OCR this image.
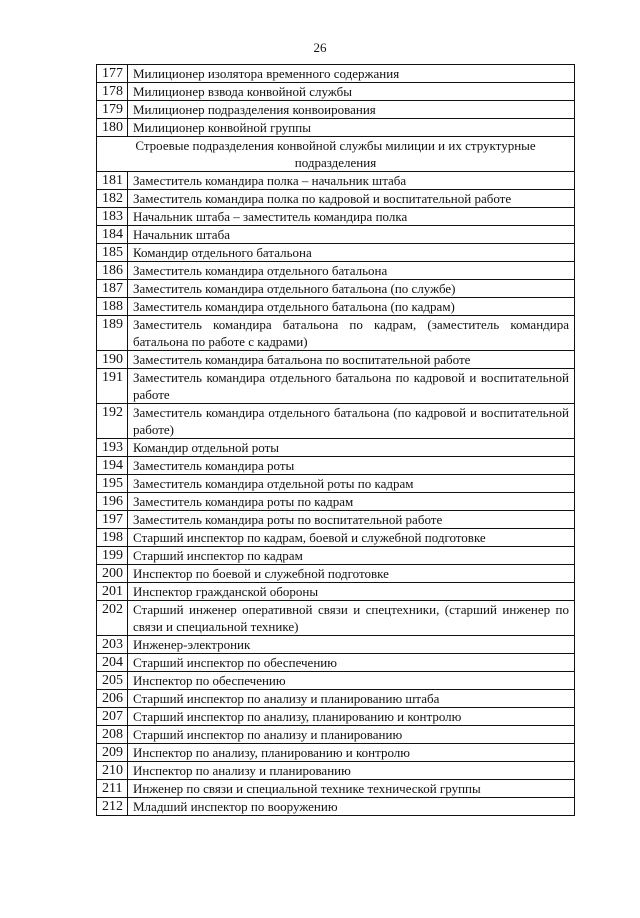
26
177	Милиционер изолятора временного содержания
178	Милиционер взвода конвойной службы
179	Милиционер подразделения конвоирования
180	Милиционер конвойной группы
Строевые подразделения конвойной службы милиции и их структурные подразделения	
181	Заместитель командира полка – начальник штаба
182	Заместитель командира полка по кадровой и воспитательной работе
183	Начальник штаба – заместитель командира полка
184	Начальник штаба
185	Командир отдельного батальона
186	Заместитель командира отдельного батальона
187	Заместитель командира отдельного батальона (по службе)
188	Заместитель командира отдельного батальона (по кадрам)
189	Заместитель командира батальона по кадрам, (заместитель командира батальона по работе с кадрами)
190	Заместитель командира батальона по воспитательной работе
191	Заместитель командира отдельного батальона по кадровой и воспитательной работе
192	Заместитель командира отдельного батальона (по кадровой и воспитательной работе)
193	Командир отдельной роты
194	Заместитель командира роты
195	Заместитель командира отдельной роты по кадрам
196	Заместитель командира роты по кадрам
197	Заместитель командира роты по воспитательной работе
198	Старший инспектор по кадрам, боевой и служебной подготовке
199	Старший инспектор по кадрам
200	Инспектор по боевой и служебной подготовке
201	Инспектор гражданской обороны
202	Старший инженер оперативной связи и спецтехники, (старший инженер по связи и специальной технике)
203	Инженер-электроник
204	Старший инспектор по обеспечению
205	Инспектор по обеспечению
206	Старший инспектор по анализу и планированию штаба
207	Старший инспектор по анализу, планированию и контролю
208	Старший инспектор по анализу и планированию
209	Инспектор по анализу, планированию и контролю
210	Инспектор по анализу и планированию
211	Инженер по связи и специальной технике технической группы
212	Младший инспектор по вооружению
